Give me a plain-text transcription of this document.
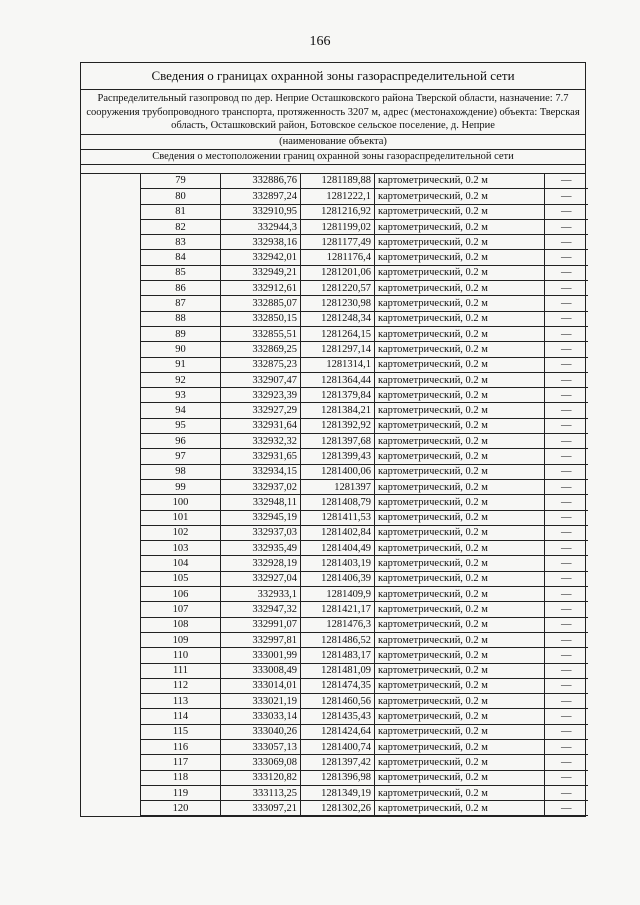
166
Сведения о границах охранной зоны газораспределительной сети
Распределительный газопровод по дер. Неприе Осташковского района Тверской области, назначение: 7.7 сооружения трубопроводного транспорта, протяженность 3207 м, адрес (местонахождение) объекта: Тверская область, Осташковский район, Ботовское сельское поселение, д. Неприе
(наименование объекта)
Сведения о местоположении границ охранной зоны газораспределительной сети
79	332886,76	1281189,88	картометрический, 0.2 м	—
80	332897,24	1281222,1	картометрический, 0.2 м	—
81	332910,95	1281216,92	картометрический, 0.2 м	—
82	332944,3	1281199,02	картометрический, 0.2 м	—
83	332938,16	1281177,49	картометрический, 0.2 м	—
84	332942,01	1281176,4	картометрический, 0.2 м	—
85	332949,21	1281201,06	картометрический, 0.2 м	—
86	332912,61	1281220,57	картометрический, 0.2 м	—
87	332885,07	1281230,98	картометрический, 0.2 м	—
88	332850,15	1281248,34	картометрический, 0.2 м	—
89	332855,51	1281264,15	картометрический, 0.2 м	—
90	332869,25	1281297,14	картометрический, 0.2 м	—
91	332875,23	1281314,1	картометрический, 0.2 м	—
92	332907,47	1281364,44	картометрический, 0.2 м	—
93	332923,39	1281379,84	картометрический, 0.2 м	—
94	332927,29	1281384,21	картометрический, 0.2 м	—
95	332931,64	1281392,92	картометрический, 0.2 м	—
96	332932,32	1281397,68	картометрический, 0.2 м	—
97	332931,65	1281399,43	картометрический, 0.2 м	—
98	332934,15	1281400,06	картометрический, 0.2 м	—
99	332937,02	1281397	картометрический, 0.2 м	—
100	332948,11	1281408,79	картометрический, 0.2 м	—
101	332945,19	1281411,53	картометрический, 0.2 м	—
102	332937,03	1281402,84	картометрический, 0.2 м	—
103	332935,49	1281404,49	картометрический, 0.2 м	—
104	332928,19	1281403,19	картометрический, 0.2 м	—
105	332927,04	1281406,39	картометрический, 0.2 м	—
106	332933,1	1281409,9	картометрический, 0.2 м	—
107	332947,32	1281421,17	картометрический, 0.2 м	—
108	332991,07	1281476,3	картометрический, 0.2 м	—
109	332997,81	1281486,52	картометрический, 0.2 м	—
110	333001,99	1281483,17	картометрический, 0.2 м	—
111	333008,49	1281481,09	картометрический, 0.2 м	—
112	333014,01	1281474,35	картометрический, 0.2 м	—
113	333021,19	1281460,56	картометрический, 0.2 м	—
114	333033,14	1281435,43	картометрический, 0.2 м	—
115	333040,26	1281424,64	картометрический, 0.2 м	—
116	333057,13	1281400,74	картометрический, 0.2 м	—
117	333069,08	1281397,42	картометрический, 0.2 м	—
118	333120,82	1281396,98	картометрический, 0.2 м	—
119	333113,25	1281349,19	картометрический, 0.2 м	—
120	333097,21	1281302,26	картометрический, 0.2 м	—
